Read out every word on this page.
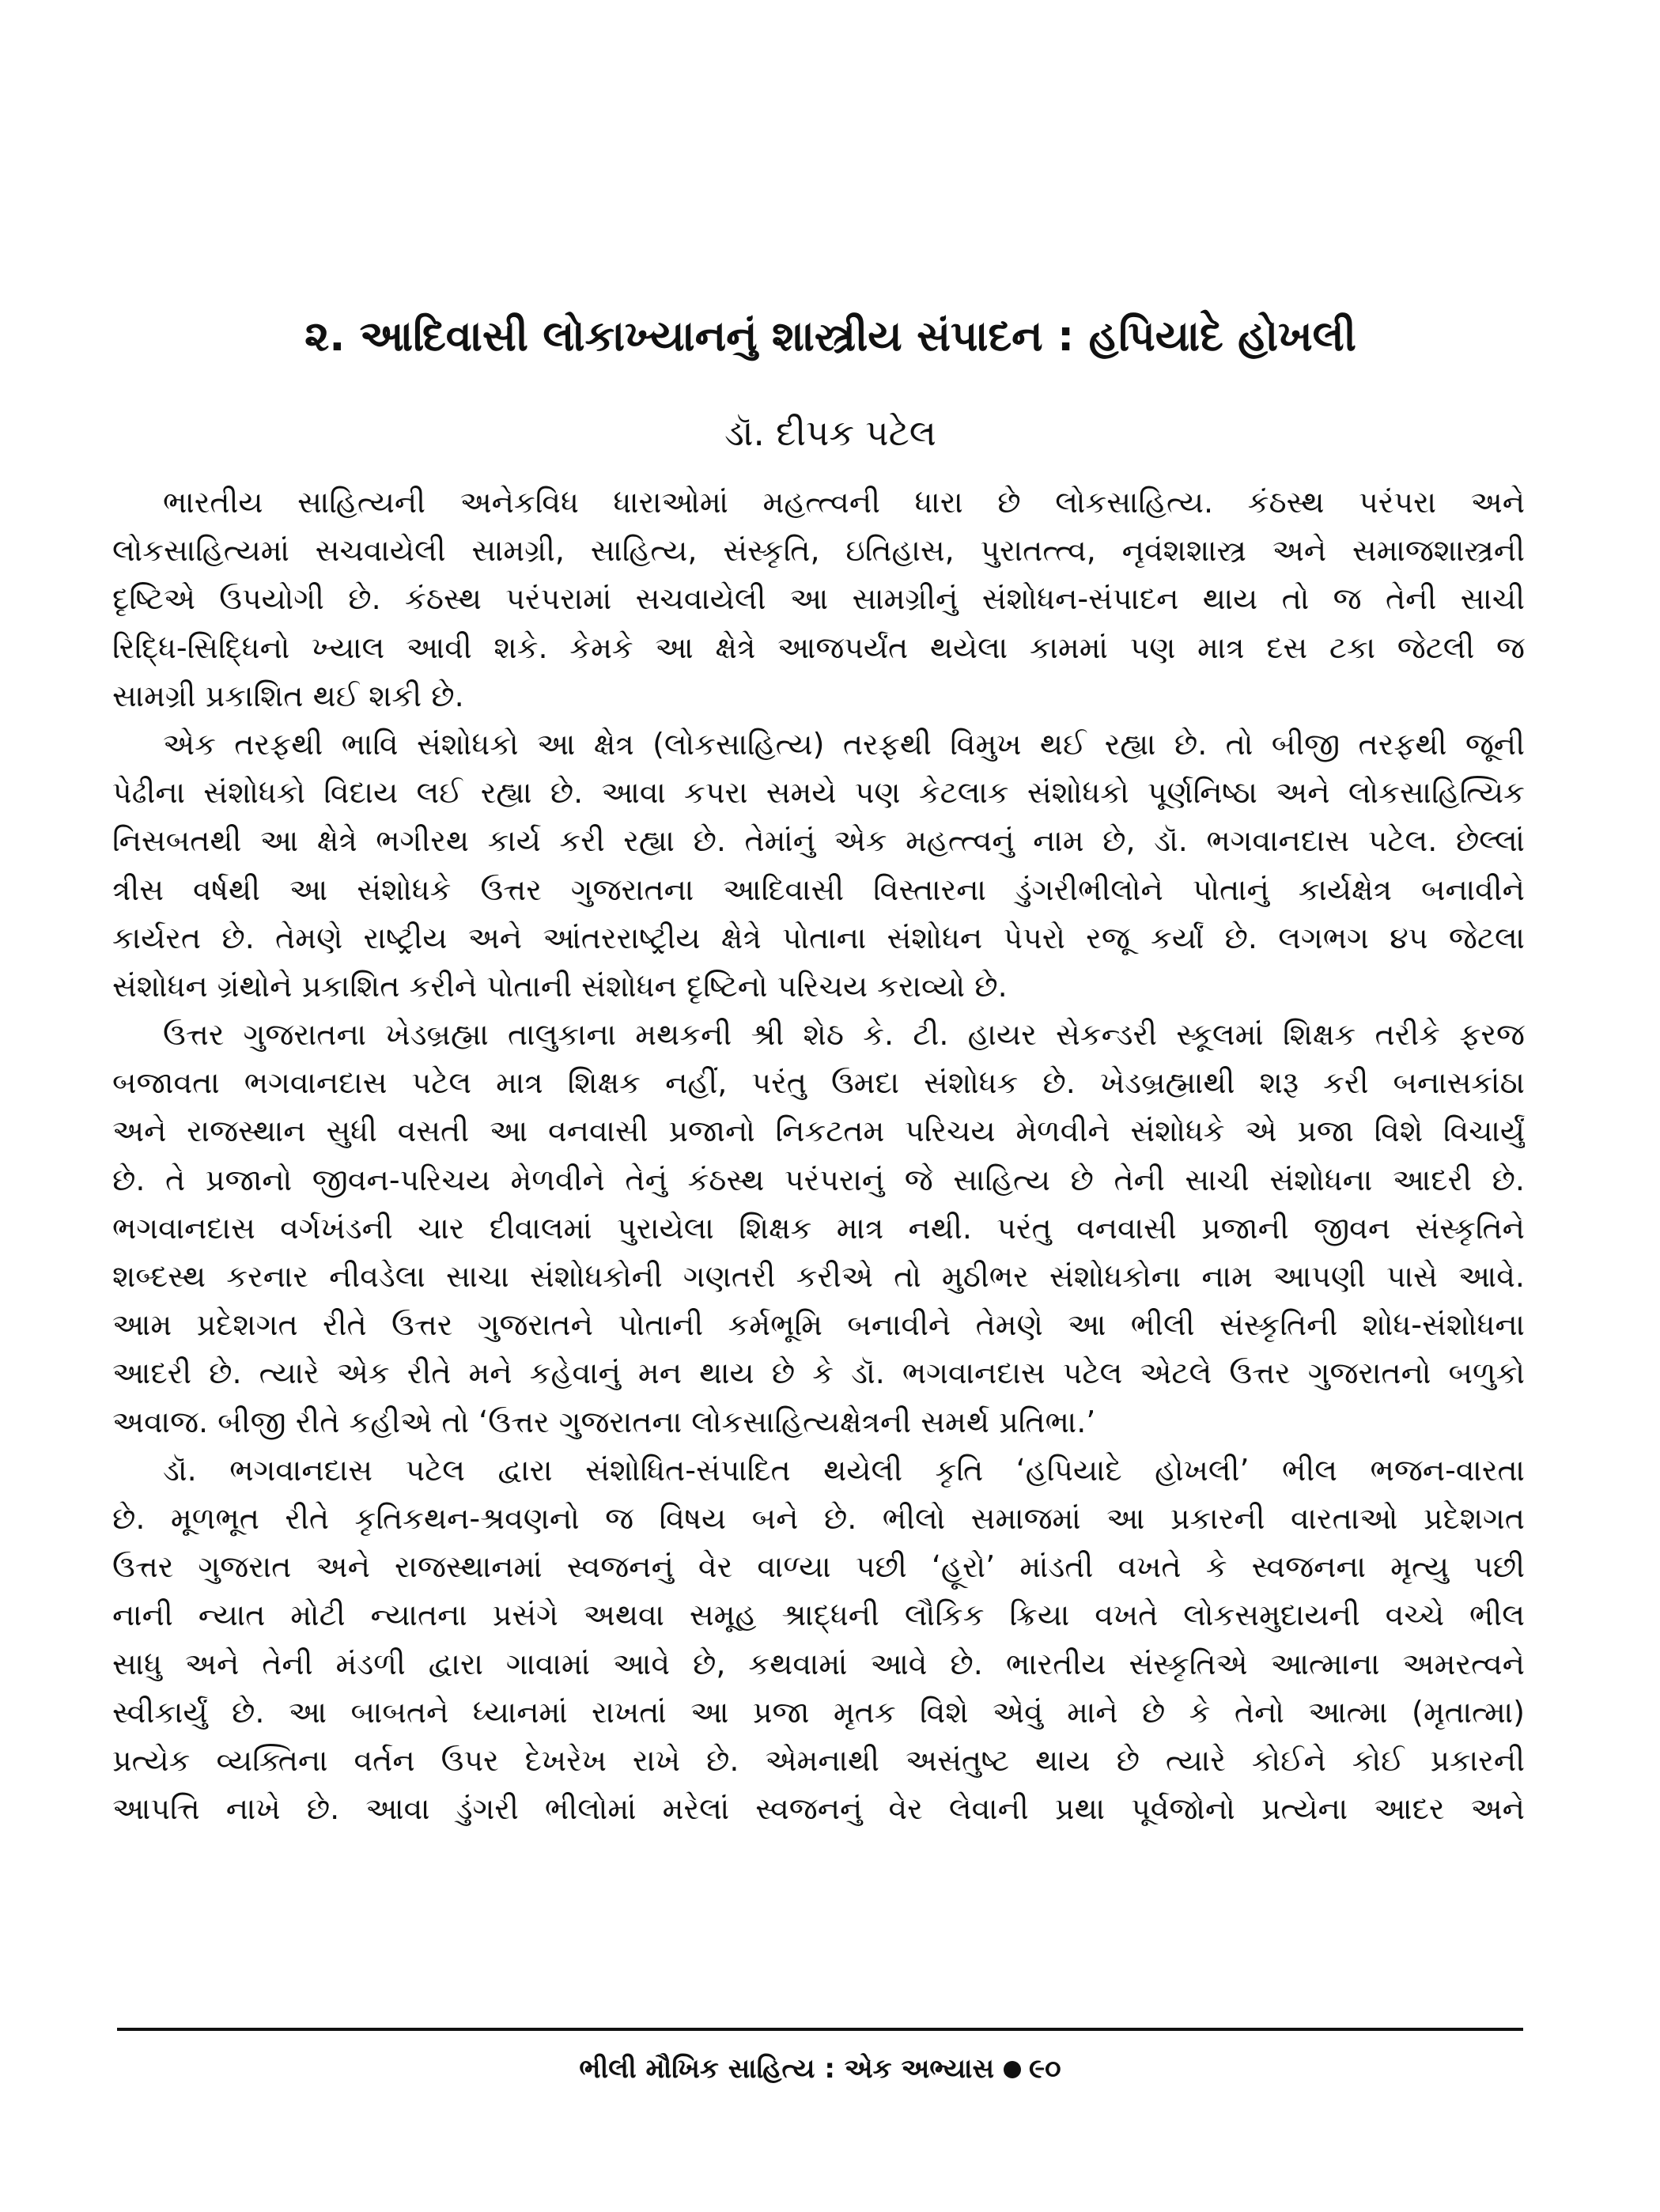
૨. આદિવાસી લોકાખ્યાનનું શાસ્ત્રીય સંપાદન : હપિયાદે હોખલી
ડૉ. દીપક પટેલ
ભારતીય સાહિત્યની અનેકવિધ ધારાઓમાં મહત્ત્વની ધારા છે લોકસાહિત્ય. કંઠસ્થ પરંપરા અને
લોકસાહિત્યમાં સચવાયેલી સામગ્રી, સાહિત્ય, સંસ્કૃતિ, ઇતિહાસ, પુરાતત્ત્વ, નૃવંશશાસ્ત્ર અને સમાજશાસ્ત્રની
દૃષ્ટિએ ઉપયોગી છે. કંઠસ્થ પરંપરામાં સચવાયેલી આ સામગ્રીનું સંશોધન-સંપાદન થાય તો જ તેની સાચી
રિદ્ધિ-સિદ્ધિનો ખ્યાલ આવી શકે. કેમકે આ ક્ષેત્રે આજપર્યંત થયેલા કામમાં પણ માત્ર દસ ટકા જેટલી જ
સામગ્રી પ્રકાશિત થઈ શકી છે.
એક તરફથી ભાવિ સંશોધકો આ ક્ષેત્ર (લોકસાહિત્ય) તરફથી વિમુખ થઈ રહ્યા છે. તો બીજી તરફથી જૂની
પેઢીના સંશોધકો વિદાય લઈ રહ્યા છે. આવા કપરા સમયે પણ કેટલાક સંશોધકો પૂર્ણનિષ્ઠા અને લોકસાહિત્યિક
નિસબતથી આ ક્ષેત્રે ભગીરથ કાર્ય કરી રહ્યા છે. તેમાંનું એક મહત્ત્વનું નામ છે, ડૉ. ભગવાનદાસ પટેલ. છેલ્લાં
ત્રીસ વર્ષથી આ સંશોધકે ઉત્તર ગુજરાતના આદિવાસી વિસ્તારના ડુંગરીભીલોને પોતાનું કાર્યક્ષેત્ર બનાવીને
કાર્યરત છે. તેમણે રાષ્ટ્રીય અને આંતરરાષ્ટ્રીય ક્ષેત્રે પોતાના સંશોધન પેપરો રજૂ કર્યાં છે. લગભગ ૪૫ જેટલા
સંશોધન ગ્રંથોને પ્રકાશિત કરીને પોતાની સંશોધન દૃષ્ટિનો પરિચય કરાવ્યો છે.
ઉત્તર ગુજરાતના ખેડબ્રહ્મા તાલુકાના મથકની શ્રી શેઠ કે. ટી. હાયર સેકન્ડરી સ્કૂલમાં શિક્ષક તરીકે ફરજ
બજાવતા ભગવાનદાસ પટેલ માત્ર શિક્ષક નહીં, પરંતુ ઉમદા સંશોધક છે. ખેડબ્રહ્માથી શરૂ કરી બનાસકાંઠા
અને રાજસ્થાન સુધી વસતી આ વનવાસી પ્રજાનો નિકટતમ પરિચય મેળવીને સંશોધકે એ પ્રજા વિશે વિચાર્યું
છે. તે પ્રજાનો જીવન-પરિચય મેળવીને તેનું કંઠસ્થ પરંપરાનું જે સાહિત્ય છે તેની સાચી સંશોધના આદરી છે.
ભગવાનદાસ વર્ગખંડની ચાર દીવાલમાં પુરાયેલા શિક્ષક માત્ર નથી. પરંતુ વનવાસી પ્રજાની જીવન સંસ્કૃતિને
શબ્દસ્થ કરનાર નીવડેલા સાચા સંશોધકોની ગણતરી કરીએ તો મુઠીભર સંશોધકોના નામ આપણી પાસે આવે.
આમ પ્રદેશગત રીતે ઉત્તર ગુજરાતને પોતાની કર્મભૂમિ બનાવીને તેમણે આ ભીલી સંસ્કૃતિની શોધ-સંશોધના
આદરી છે. ત્યારે એક રીતે મને કહેવાનું મન થાય છે કે ડૉ. ભગવાનદાસ પટેલ એટલે ઉત્તર ગુજરાતનો બળુકો
અવાજ. બીજી રીતે કહીએ તો ‘ઉત્તર ગુજરાતના લોકસાહિત્યક્ષેત્રની સમર્થ પ્રતિભા.’
ડૉ. ભગવાનદાસ પટેલ દ્વારા સંશોધિત-સંપાદિત થયેલી કૃતિ ‘હપિયાદે હોખલી’ ભીલ ભજન-વારતા
છે. મૂળભૂત રીતે કૃતિકથન-શ્રવણનો જ વિષય બને છે. ભીલો સમાજમાં આ પ્રકારની વારતાઓ પ્રદેશગત
ઉત્તર ગુજરાત અને રાજસ્થાનમાં સ્વજનનું વેર વાળ્યા પછી ‘હૂરો’ માંડતી વખતે કે સ્વજનના મૃત્યુ પછી
નાની ન્યાત મોટી ન્યાતના પ્રસંગે અથવા સમૂહ શ્રાદ્ધની લૌકિક ક્રિયા વખતે લોકસમુદાયની વચ્ચે ભીલ
સાધુ અને તેની મંડળી દ્વારા ગાવામાં આવે છે, કથવામાં આવે છે. ભારતીય સંસ્કૃતિએ આત્માના અમરત્વને
સ્વીકાર્યું છે. આ બાબતને ધ્યાનમાં રાખતાં આ પ્રજા મૃતક વિશે એવું માને છે કે તેનો આત્મા (મૃતાત્મા)
પ્રત્યેક વ્યક્તિના વર્તન ઉપર દેખરેખ રાખે છે. એમનાથી અસંતુષ્ટ થાય છે ત્યારે કોઈને કોઈ પ્રકારની
આપત્તિ નાખે છે. આવા ડુંગરી ભીલોમાં મરેલાં સ્વજનનું વેર લેવાની પ્રથા પૂર્વજોનો પ્રત્યેના આદર અને
ભીલી મૌખિક સાહિત્ય : એક અભ્યાસ ૯૦
